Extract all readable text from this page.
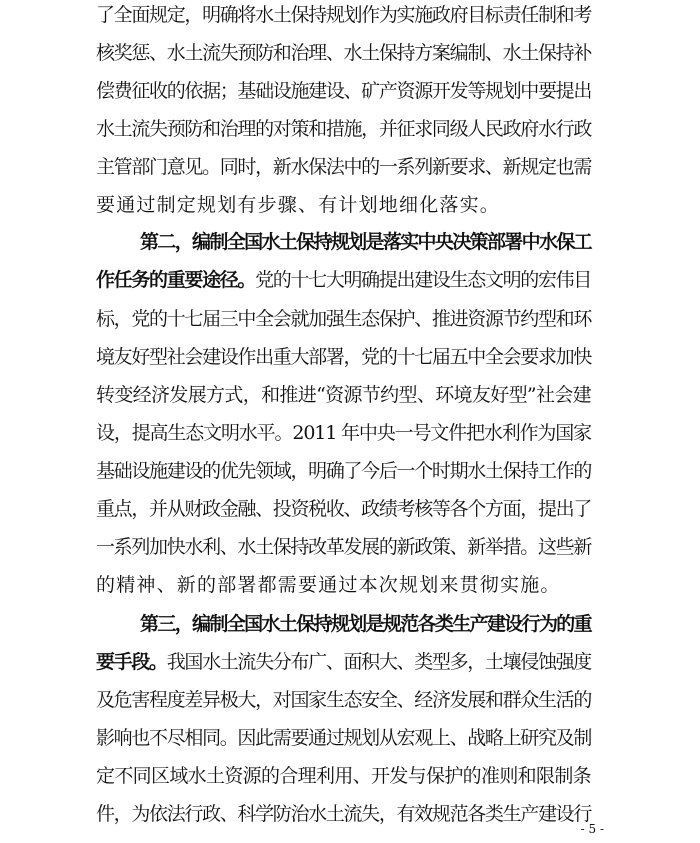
了全面规定，明确将水土保持规划作为实施政府目标责任制和考
核奖惩、水土流失预防和治理、水土保持方案编制、水土保持补
偿费征收的依据；基础设施建设、矿产资源开发等规划中要提出
水土流失预防和治理的对策和措施，并征求同级人民政府水行政
主管部门意见。同时，新水保法中的一系列新要求、新规定也需
要通过制定规划有步骤、有计划地细化落实。
第二，编制全国水土保持规划是落实中央决策部署中水保工
作任务的重要途径。党的十七大明确提出建设生态文明的宏伟目
标，党的十七届三中全会就加强生态保护、推进资源节约型和环
境友好型社会建设作出重大部署，党的十七届五中全会要求加快
转变经济发展方式，和推进“资源节约型、环境友好型”社会建
设，提高生态文明水平。2011 年中央一号文件把水利作为国家
基础设施建设的优先领域，明确了今后一个时期水土保持工作的
重点，并从财政金融、投资税收、政绩考核等各个方面，提出了
一系列加快水利、水土保持改革发展的新政策、新举措。这些新
的精神、新的部署都需要通过本次规划来贯彻实施。
第三，编制全国水土保持规划是规范各类生产建设行为的重
要手段。我国水土流失分布广、面积大、类型多，土壤侵蚀强度
及危害程度差异极大，对国家生态安全、经济发展和群众生活的
影响也不尽相同。因此需要通过规划从宏观上、战略上研究及制
定不同区域水土资源的合理利用、开发与保护的准则和限制条
件，为依法行政、科学防治水土流失，有效规范各类生产建设行
- 5 -
